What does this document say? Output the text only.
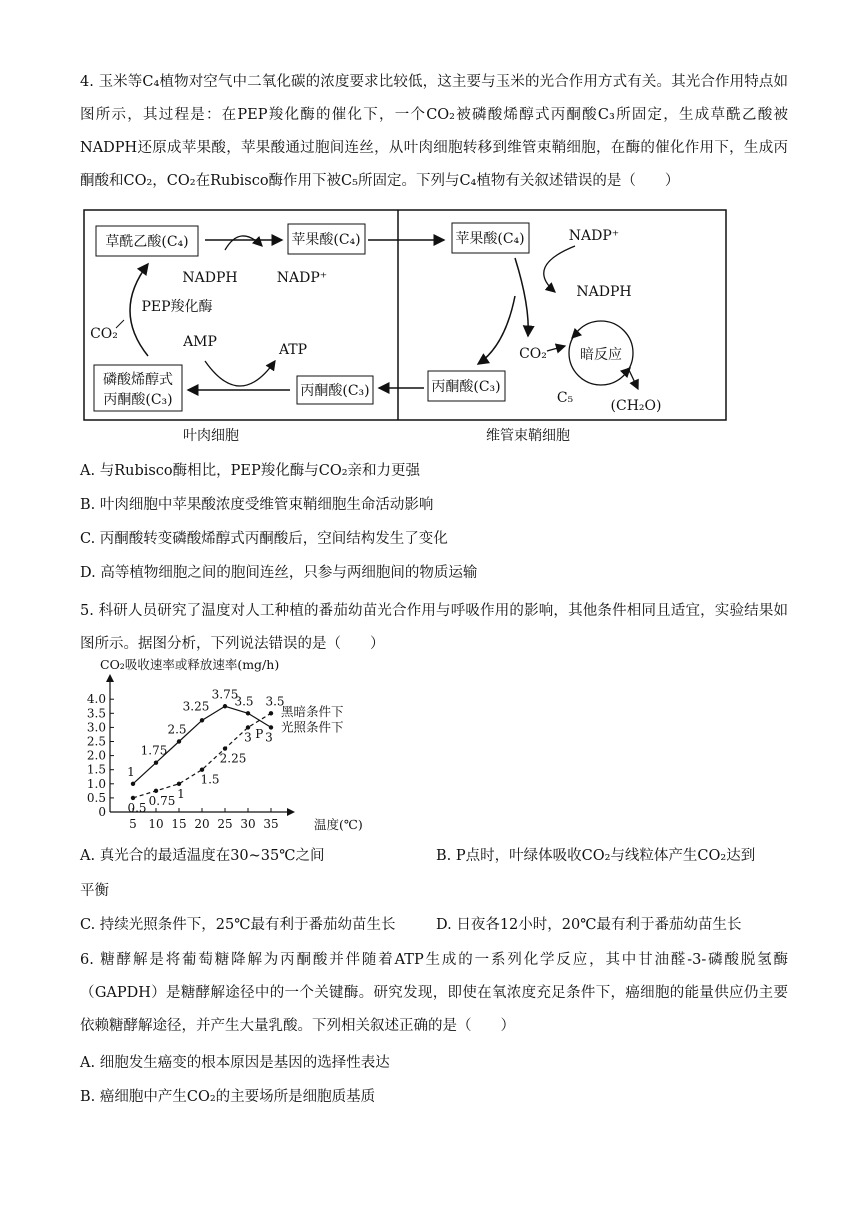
4. 玉米等C₄植物对空气中二氧化碳的浓度要求比较低，这主要与玉米的光合作用方式有关。其光合作用特点如图所示，其过程是：在PEP羧化酶的催化下，一个CO₂被磷酸烯醇式丙酮酸C₃所固定，生成草酰乙酸被NADPH还原成苹果酸，苹果酸通过胞间连丝，从叶肉细胞转移到维管束鞘细胞，在酶的催化作用下，生成丙酮酸和CO₂，CO₂在Rubisco酶作用下被C₅所固定。下列与C₄植物有关叙述错误的是（　　）
草酰乙酸(C₄)	苹果酸(C₄)
NADPH	NADP⁺
PEP羧化酶
CO₂
磷酸烯醇式
丙酮酸(C₃)
丙酮酸(C₃)
AMP	ATP
苹果酸(C₄)	NADP⁺
NADPH
CO₂ 暗反应
(CH₂O)
C₅
丙酮酸(C₃)
叶肉细胞	维管束鞘细胞
A. 与Rubisco酶相比，PEP羧化酶与CO₂亲和力更强
B. 叶肉细胞中苹果酸浓度受维管束鞘细胞生命活动影响
C. 丙酮酸转变磷酸烯醇式丙酮酸后，空间结构发生了变化
D. 高等植物细胞之间的胞间连丝，只参与两细胞间的物质运输
5. 科研人员研究了温度对人工种植的番茄幼苗光合作用与呼吸作用的影响，其他条件相同且适宜，实验结果如图所示。据图分析，下列说法错误的是（　　）
CO₂吸收速率或释放速率(mg/h)
温度(℃)
0
0.5
1.0
1.5
2.0
2.5
3.0
3.5
4.0
5 10 15 20 25 30 35
1
1.75
2.5
3.25
3.75
3.5
3
0.5
0.75
1
1.5
2.25
3
3.5
黑暗条件下
光照条件下
P
A. 真光合的最适温度在30~35℃之间	B. P点时，叶绿体吸收CO₂与线粒体产生CO₂达到
平衡
C. 持续光照条件下，25℃最有利于番茄幼苗生长	D. 日夜各12小时，20℃最有利于番茄幼苗生长
6. 糖酵解是将葡萄糖降解为丙酮酸并伴随着ATP生成的一系列化学反应，其中甘油醛-3-磷酸脱氢酶（GAPDH）是糖酵解途径中的一个关键酶。研究发现，即使在氧浓度充足条件下，癌细胞的能量供应仍主要依赖糖酵解途径，并产生大量乳酸。下列相关叙述正确的是（　　）
A. 细胞发生癌变的根本原因是基因的选择性表达
B. 癌细胞中产生CO₂的主要场所是细胞质基质
